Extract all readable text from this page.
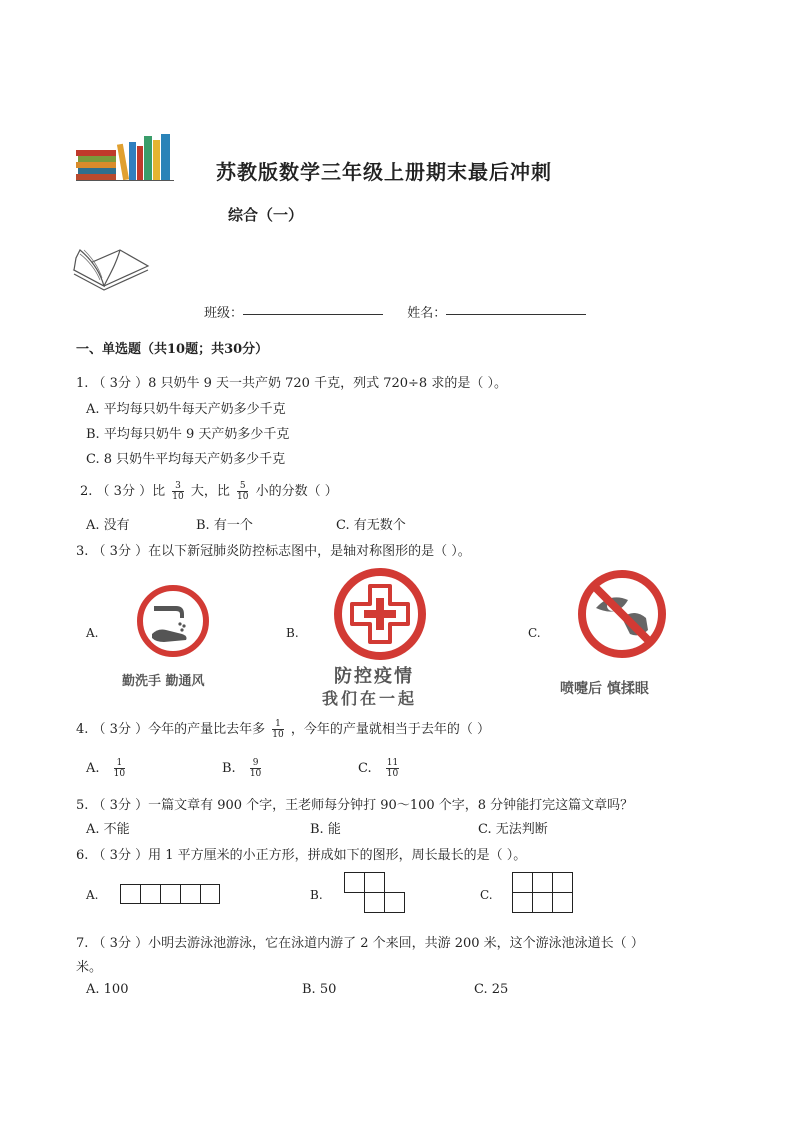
苏教版数学三年级上册期末最后冲刺
综合（一）
班级：	姓名：
一、单选题（共10题；共30分）
1. （ 3分 ）8 只奶牛 9 天一共产奶 720 千克，列式 720÷8 求的是（ ）。
A. 平均每只奶牛每天产奶多少千克
B. 平均每只奶牛 9 天产奶多少千克
C. 8 只奶牛平均每天产奶多少千克
2. （ 3分 ）比 $\frac{3}{10}$ 大，比 $\frac{5}{10}$ 小的分数（ ）
A. 没有	B. 有一个	C. 有无数个
3. （ 3分 ）在以下新冠肺炎防控标志图中，是轴对称图形的是（ ）。
A.	B.	C.
勤洗手 勤通风	防控疫情
我们在一起	喷嚏后 慎揉眼
4. （ 3分 ）今年的产量比去年多 $\frac{1}{10}$ ，今年的产量就相当于去年的（ ）
A. $\frac{1}{10}$	B. $\frac{9}{10}$	C. $\frac{11}{10}$
5. （ 3分 ）一篇文章有 900 个字，王老师每分钟打 90～100 个字，8 分钟能打完这篇文章吗？
A. 不能	B. 能	C. 无法判断
6. （ 3分 ）用 1 平方厘米的小正方形，拼成如下的图形，周长最长的是（ ）。
A.	B.	C.
7. （ 3分 ）小明去游泳池游泳，它在泳道内游了 2 个来回，共游 200 米，这个游泳池泳道长（ ）
米。
A. 100	B. 50	C. 25
